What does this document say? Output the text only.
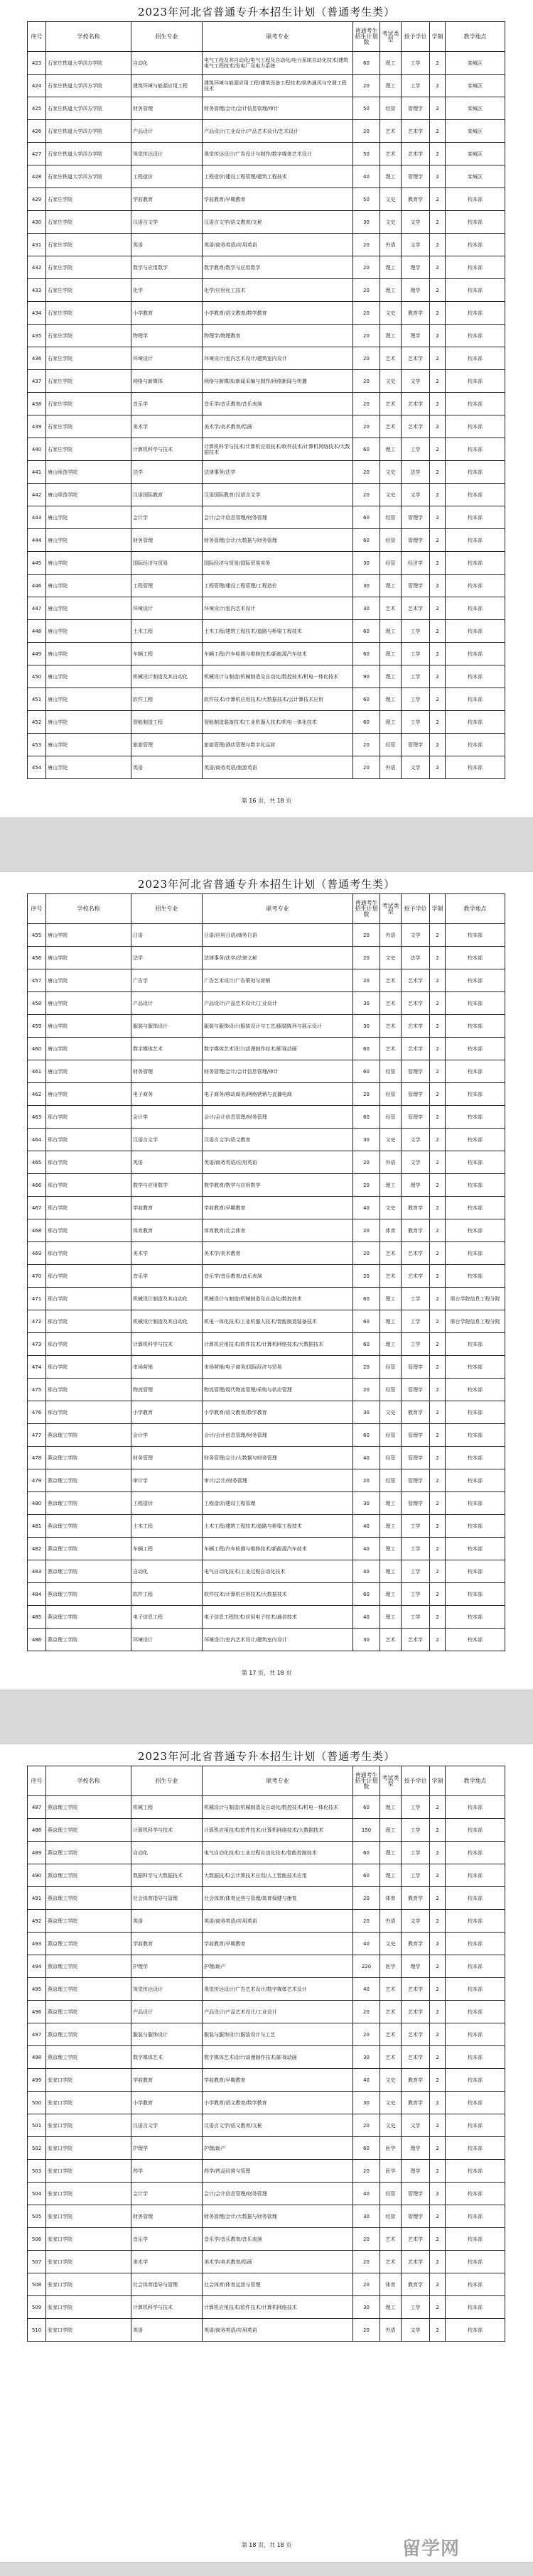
2023年河北省普通专升本招生计划（普通考生类）
序号	学校名称	招生专业	联考专业	普通考生招生计划数	考试类型	授予学位	学制	教学地点
423	石家庄铁道大学四方学院	自动化	电气工程及其自动化/电气工程及自动化/电力系统自动化技术/建筑电气工程技术/发电厂及电力系统	60	理工	工学	2	栾城区
424	石家庄铁道大学四方学院	建筑环境与能源应用工程	建筑环境与能源应用工程/建筑设备工程技术/供热通风与空调工程技术	20	理工	工学	2	栾城区
425	石家庄铁道大学四方学院	财务管理	财务管理/会计/会计信息管理/审计	50	经管	管理学	2	栾城区
426	石家庄铁道大学四方学院	产品设计	产品设计/工业设计/产品艺术设计/艺术设计	20	艺术	艺术学	2	栾城区
427	石家庄铁道大学四方学院	视觉传达设计	视觉传达设计/广告设计与制作/数字媒体艺术设计	50	艺术	艺术学	2	栾城区
428	石家庄铁道大学四方学院	工程造价	工程造价/建设工程管理/建筑工程技术	40	理工	管理学	2	栾城区
429	石家庄学院	学前教育	学前教育/早期教育	50	文史	教育学	2	校本部
430	石家庄学院	汉语言文学	汉语言文学/语文教育/文秘	30	文史	文学	2	校本部
431	石家庄学院	英语	英语/商务英语/应用英语	20	外语	文学	2	校本部
432	石家庄学院	数学与应用数学	数学教育/数学与应用数学	20	理工	理学	2	校本部
433	石家庄学院	化学	化学/应用化工技术	20	理工	理学	2	校本部
434	石家庄学院	小学教育	小学教育/语文教育/数学教育	20	文史	教育学	2	校本部
435	石家庄学院	物理学	物理学/物理教育	20	理工	理学	2	校本部
436	石家庄学院	环境设计	环境设计/室内艺术设计/建筑室内设计	20	艺术	艺术学	2	校本部
437	石家庄学院	网络与新媒体	网络与新媒体/新闻采编与制作/网络新闻与传播	20	文史	文学	2	校本部
438	石家庄学院	音乐学	音乐学/音乐教育/音乐表演	20	艺术	艺术学	2	校本部
439	石家庄学院	美术学	美术学/美术教育/绘画	20	艺术	艺术学	2	校本部
440	石家庄学院	计算机科学与技术	计算机科学与技术/计算机应用技术/软件技术/计算机网络技术/大数据技术	60	理工	工学	2	校本部
441	唐山师范学院	法学	法律事务/法学	20	文史	法学	2	校本部
442	唐山师范学院	汉语国际教育	汉语国际教育/汉语言文学	20	文史	文学	2	校本部
443	唐山学院	会计学	会计/会计信息管理/财务管理	60	经管	管理学	2	校本部
444	唐山学院	财务管理	财务管理/会计/大数据与财务管理	60	经管	管理学	2	校本部
445	唐山学院	国际经济与贸易	国际经济与贸易/国际贸易实务	30	经管	经济学	2	校本部
446	唐山学院	工程管理	工程管理/建设工程管理/工程造价	30	理工	管理学	2	校本部
447	唐山学院	环境设计	环境设计/室内艺术设计	30	艺术	艺术学	2	校本部
448	唐山学院	土木工程	土木工程/建筑工程技术/道路与桥梁工程技术	60	理工	工学	2	校本部
449	唐山学院	车辆工程	车辆工程/汽车检测与维修技术/新能源汽车技术	60	理工	工学	2	校本部
450	唐山学院	机械设计制造及其自动化	机械设计与制造/机械制造及自动化/数控技术/机电一体化技术	90	理工	工学	2	校本部
451	唐山学院	软件工程	软件技术/计算机应用技术/大数据技术/云计算技术应用	60	理工	工学	2	校本部
452	唐山学院	智能制造工程	智能制造装备技术/工业机器人技术/机电一体化技术	60	理工	工学	2	校本部
453	唐山学院	旅游管理	旅游管理/酒店管理与数字化运营	20	经管	管理学	2	校本部
454	唐山学院	英语	英语/商务英语/旅游英语	20	外语	文学	2	校本部
第 16 页，共 18 页
2023年河北省普通专升本招生计划（普通考生类）
序号	学校名称	招生专业	联考专业	普通考生招生计划数	考试类型	授予学位	学制	教学地点
455	唐山学院	日语	日语/应用日语/商务日语	20	外语	文学	2	校本部
456	唐山学院	法学	法律事务/法学/法律文秘	20	文史	法学	2	校本部
457	唐山学院	广告学	广告艺术设计/广告策划与营销	20	艺术	艺术学	2	校本部
458	唐山学院	产品设计	产品设计/产品艺术设计/工业设计	30	艺术	艺术学	2	校本部
459	唐山学院	服装与服饰设计	服装与服饰设计/服装设计与工艺/服装陈列与展示设计	30	艺术	艺术学	2	校本部
460	唐山学院	数字媒体艺术	数字媒体艺术设计/动漫制作技术/影视动画	60	艺术	艺术学	2	校本部
461	唐山学院	财务管理	财务管理/会计/会计信息管理/审计	60	经管	管理学	2	校本部
462	唐山学院	电子商务	电子商务/移动商务/网络营销与直播电商	20	经管	管理学	2	校本部
463	邢台学院	会计学	会计/会计信息管理/财务管理	60	经管	管理学	2	校本部
464	邢台学院	汉语言文学	汉语言文学/语文教育	30	文史	文学	2	校本部
465	邢台学院	英语	英语/商务英语/应用英语	20	外语	文学	2	校本部
466	邢台学院	数学与应用数学	数学教育/数学与应用数学	20	理工	理学	2	校本部
467	邢台学院	学前教育	学前教育/早期教育	40	文史	教育学	2	校本部
468	邢台学院	体育教育	体育教育/社会体育	20	体育	教育学	2	校本部
469	邢台学院	美术学	美术学/美术教育	20	艺术	艺术学	2	校本部
470	邢台学院	音乐学	音乐学/音乐教育/音乐表演	20	艺术	艺术学	2	校本部
471	邢台学院	机械设计制造及其自动化	机械设计与制造/机械制造及自动化/数控技术	60	理工	工学	2	邢台学院信息工程分院
472	邢台学院	机械设计制造及其自动化	机电一体化技术/工业机器人技术/智能制造装备技术	60	理工	工学	2	邢台学院信息工程分院
473	邢台学院	计算机科学与技术	计算机应用技术/软件技术/计算机网络技术/大数据技术	60	理工	工学	2	校本部
474	邢台学院	市场营销	市场营销/电子商务/国际经济与贸易	20	经管	管理学	2	校本部
475	邢台学院	物流管理	物流管理/现代物流管理/采购与供应管理	20	经管	管理学	2	校本部
476	邢台学院	小学教育	小学教育/语文教育/数学教育	30	文史	教育学	2	校本部
477	燕京理工学院	会计学	会计/会计信息管理/财务管理	60	经管	管理学	2	校本部
478	燕京理工学院	财务管理	财务管理/会计/大数据与财务管理	40	经管	管理学	2	校本部
479	燕京理工学院	审计学	审计/会计/财务管理	20	经管	管理学	2	校本部
480	燕京理工学院	工程造价	工程造价/建设工程管理	30	理工	管理学	2	校本部
481	燕京理工学院	土木工程	土木工程/建筑工程技术/道路与桥梁工程技术	40	理工	工学	2	校本部
482	燕京理工学院	车辆工程	车辆工程/汽车检测与维修技术/新能源汽车技术	40	理工	工学	2	校本部
483	燕京理工学院	自动化	电气自动化技术/工业过程自动化技术	40	理工	工学	2	校本部
484	燕京理工学院	软件工程	软件技术/计算机应用技术/大数据技术	60	理工	工学	2	校本部
485	燕京理工学院	电子信息工程	电子信息工程技术/应用电子技术/通信技术	40	理工	工学	2	校本部
486	燕京理工学院	环境设计	环境设计/室内艺术设计/建筑室内设计	30	艺术	艺术学	2	校本部
第 17 页，共 18 页
2023年河北省普通专升本招生计划（普通考生类）
序号	学校名称	招生专业	联考专业	普通考生招生计划数	考试类型	授予学位	学制	教学地点
487	燕京理工学院	机械工程	机械设计与制造/机械制造及自动化/数控技术/机电一体化技术	60	理工	工学	2	校本部
488	燕京理工学院	计算机科学与技术	计算机应用技术/软件技术/计算机网络技术/大数据技术	150	理工	工学	2	校本部
489	燕京理工学院	自动化	电气自动化技术/工业过程自动化技术/智能控制技术	60	理工	工学	2	校本部
490	燕京理工学院	数据科学与大数据技术	大数据技术/云计算技术应用/人工智能技术应用	60	理工	工学	2	校本部
491	燕京理工学院	社会体育指导与管理	社会体育/体育运营与管理/体育保健与康复	20	体育	教育学	2	校本部
492	燕京理工学院	英语	英语/商务英语/应用英语	20	外语	文学	2	校本部
493	燕京理工学院	学前教育	学前教育/早期教育	40	文史	教育学	2	校本部
494	燕京理工学院	护理学	护理/助产	220	医学	理学	2	校本部
495	燕京理工学院	视觉传达设计	视觉传达设计/广告艺术设计/数字媒体艺术设计	40	艺术	艺术学	2	校本部
496	燕京理工学院	产品设计	产品设计/产品艺术设计/工业设计	20	艺术	艺术学	2	校本部
497	燕京理工学院	服装与服饰设计	服装与服饰设计/服装设计与工艺	20	艺术	艺术学	2	校本部
498	燕京理工学院	数字媒体艺术	数字媒体艺术设计/动漫制作技术/影视动画	30	艺术	艺术学	2	校本部
499	张家口学院	学前教育	学前教育/早期教育	40	文史	教育学	2	校本部
500	张家口学院	小学教育	小学教育/语文教育/数学教育	30	文史	教育学	2	校本部
501	张家口学院	汉语言文学	汉语言文学/语文教育/文秘	20	文史	文学	2	校本部
502	张家口学院	护理学	护理/助产	60	医学	理学	2	校本部
503	张家口学院	药学	药学/药品经营与管理	20	医学	理学	2	校本部
504	张家口学院	会计学	会计/会计信息管理/财务管理	40	经管	管理学	2	校本部
505	张家口学院	财务管理	财务管理/会计/大数据与财务管理	30	经管	管理学	2	校本部
506	张家口学院	音乐学	音乐学/音乐教育/音乐表演	20	艺术	艺术学	2	校本部
507	张家口学院	美术学	美术学/美术教育/绘画	20	艺术	艺术学	2	校本部
508	张家口学院	社会体育指导与管理	社会体育/体育运营与管理	20	体育	教育学	2	校本部
509	张家口学院	计算机科学与技术	计算机应用技术/软件技术/计算机网络技术	30	理工	工学	2	校本部
510	张家口学院	英语	英语/商务英语/应用英语	20	外语	文学	2	校本部
第 18 页，共 18 页	留学网
